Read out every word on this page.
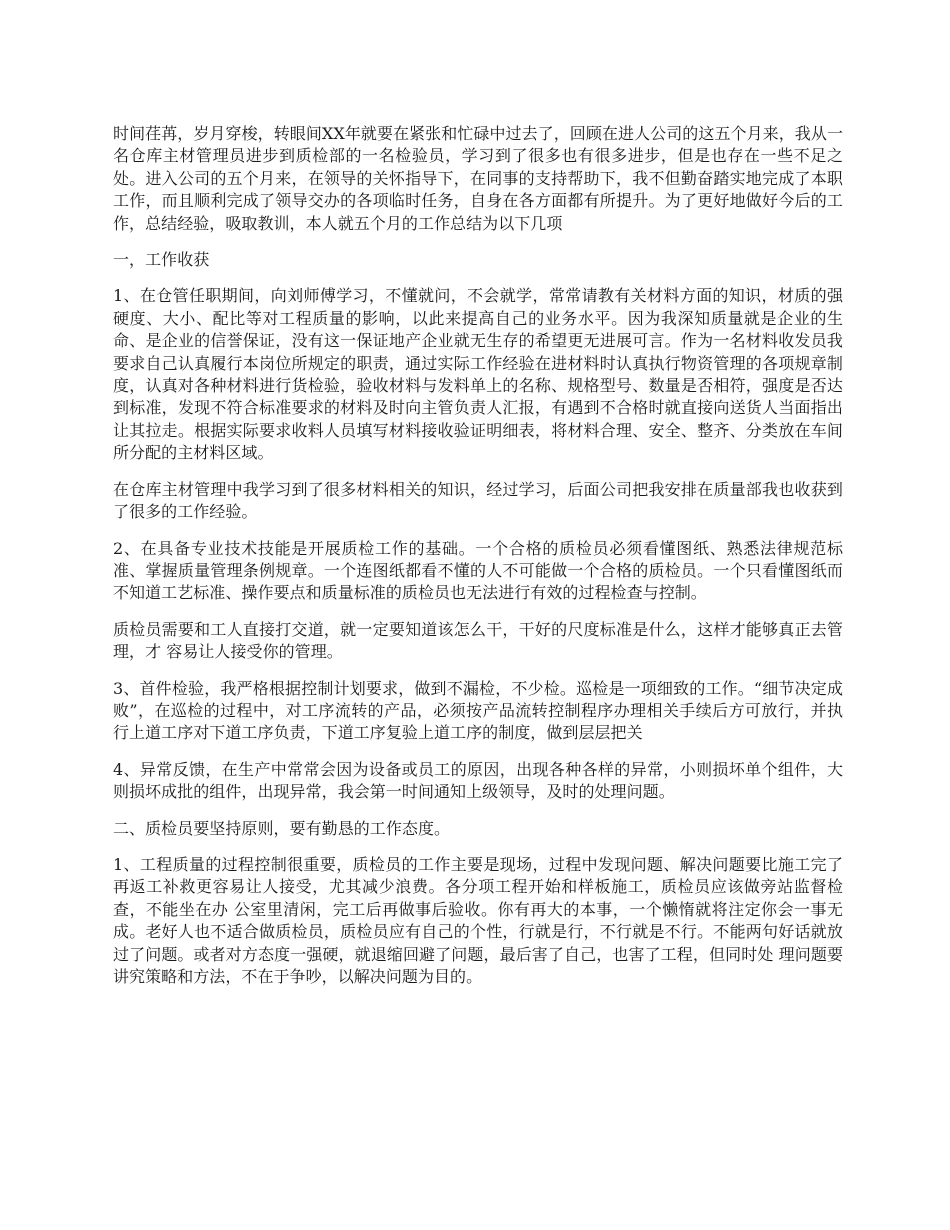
时间荏苒，岁月穿梭，转眼间XX年就要在紧张和忙碌中过去了，回顾在进人公司的这五个月来，我从一名仓库主材管理员进步到质检部的一名检验员，学习到了很多也有很多进步，但是也存在一些不足之处。进入公司的五个月来，在领导的关怀指导下，在同事的支持帮助下，我不但勤奋踏实地完成了本职工作，而且顺利完成了领导交办的各项临时任务，自身在各方面都有所提升。为了更好地做好今后的工作，总结经验，吸取教训，本人就五个月的工作总结为以下几项

一，工作收获

1、在仓管任职期间，向刘师傅学习，不懂就问，不会就学，常常请教有关材料方面的知识，材质的强硬度、大小、配比等对工程质量的影响，以此来提高自己的业务水平。因为我深知质量就是企业的生命、是企业的信誉保证，没有这一保证地产企业就无生存的希望更无进展可言。作为一名材料收发员我要求自己认真履行本岗位所规定的职责，通过实际工作经验在进材料时认真执行物资管理的各项规章制度，认真对各种材料进行货检验，验收材料与发料单上的名称、规格型号、数量是否相符，强度是否达到标准，发现不符合标准要求的材料及时向主管负责人汇报，有遇到不合格时就直接向送货人当面指出让其拉走。根据实际要求收料人员填写材料接收验证明细表，将材料合理、安全、整齐、分类放在车间所分配的主材料区域。

在仓库主材管理中我学习到了很多材料相关的知识，经过学习，后面公司把我安排在质量部我也收获到了很多的工作经验。

2、在具备专业技术技能是开展质检工作的基础。一个合格的质检员必须看懂图纸、熟悉法律规范标准、掌握质量管理条例规章。一个连图纸都看不懂的人不可能做一个合格的质检员。一个只看懂图纸而不知道工艺标准、操作要点和质量标准的质检员也无法进行有效的过程检查与控制。

质检员需要和工人直接打交道，就一定要知道该怎么干，干好的尺度标准是什么，这样才能够真正去管理，才 容易让人接受你的管理。

3、首件检验，我严格根据控制计划要求，做到不漏检，不少检。巡检是一项细致的工作。“细节决定成败”，在巡检的过程中，对工序流转的产品，必须按产品流转控制程序办理相关手续后方可放行，并执行上道工序对下道工序负责，下道工序复验上道工序的制度，做到层层把关

4、异常反馈，在生产中常常会因为设备或员工的原因，出现各种各样的异常，小则损坏单个组件，大则损坏成批的组件，出现异常，我会第一时间通知上级领导，及时的处理问题。

二、质检员要坚持原则，要有勤恳的工作态度。

1、工程质量的过程控制很重要，质检员的工作主要是现场，过程中发现问题、解决问题要比施工完了再返工补救更容易让人接受，尤其减少浪费。各分项工程开始和样板施工，质检员应该做旁站监督检查，不能坐在办 公室里清闲，完工后再做事后验收。你有再大的本事，一个懒惰就将注定你会一事无成。老好人也不适合做质检员，质检员应有自己的个性，行就是行，不行就是不行。不能两句好话就放过了问题。或者对方态度一强硬，就退缩回避了问题，最后害了自己，也害了工程，但同时处 理问题要讲究策略和方法，不在于争吵，以解决问题为目的。
